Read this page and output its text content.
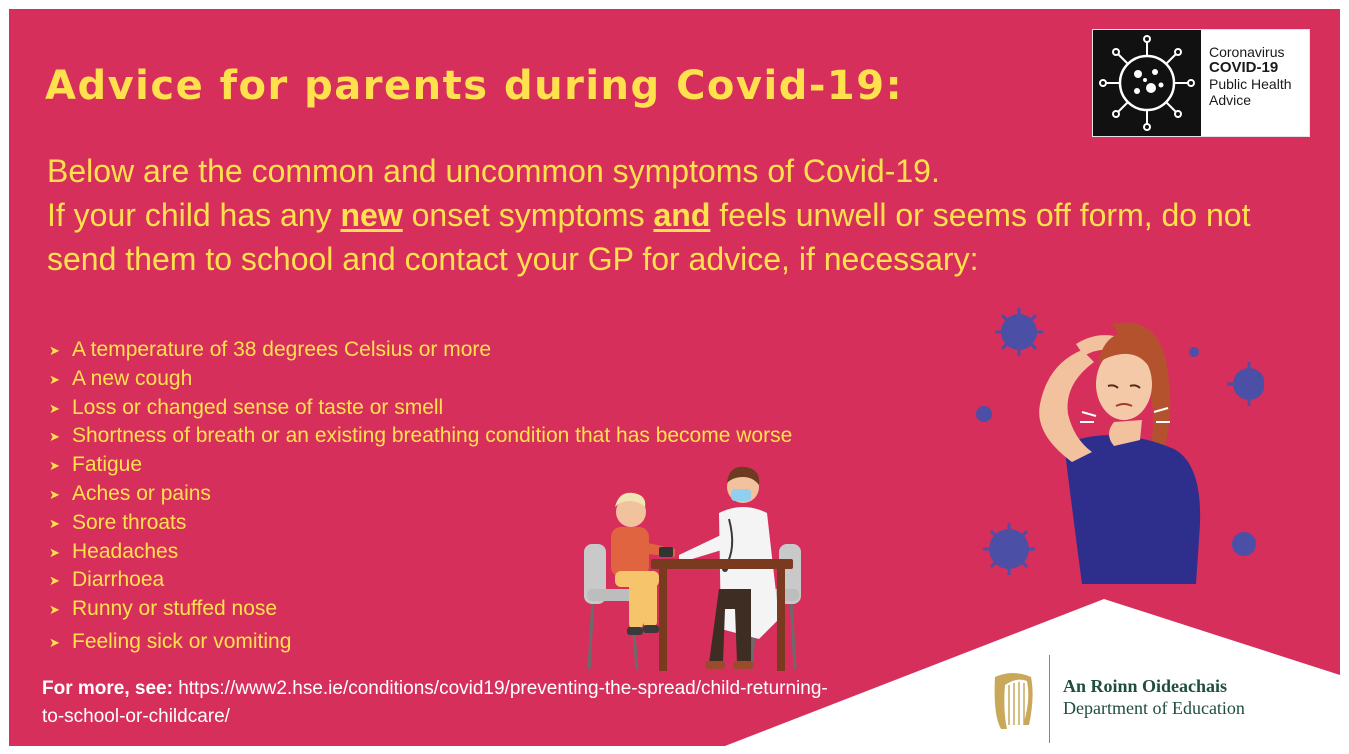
Advice for parents during Covid-19:
Coronavirus
COVID-19
Public Health
Advice

Below are the common and uncommon symptoms of Covid-19.
If your child has any new onset symptoms and feels unwell or seems off form, do not send them to school and contact your GP for advice, if necessary:

➤ A temperature of 38 degrees Celsius or more
➤ A new cough
➤ Loss or changed sense of taste or smell
➤ Shortness of breath or an existing breathing condition that has become worse
➤ Fatigue
➤ Aches or pains
➤ Sore throats
➤ Headaches
➤ Diarrhoea
➤ Runny or stuffed nose
➤ Feeling sick or vomiting

For more, see: https://www2.hse.ie/conditions/covid19/preventing-the-spread/child-returning-to-school-or-childcare/

An Roinn Oideachais
Department of Education
